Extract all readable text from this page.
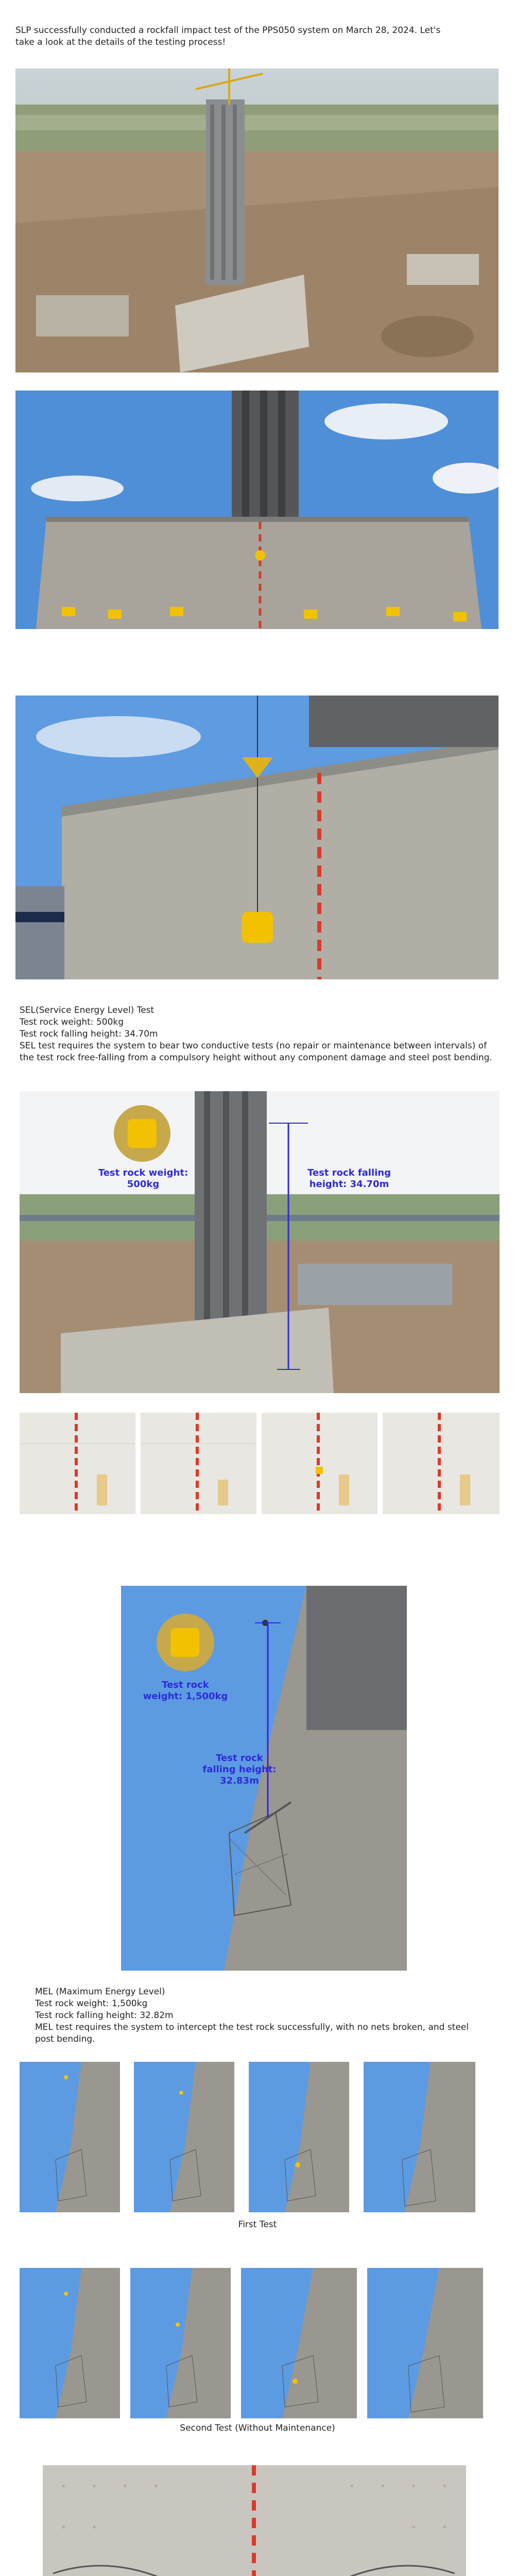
SLP successfully conducted a rockfall impact test of the PPS050 system on March 28, 2024. Let's take a look at the details of the testing process!

SEL(Service Energy Level) Test

Test rock weight: 500kg

Test rock falling height: 34.70m

SEL test requires the system to bear two conductive tests (no repair or maintenance between intervals) of the test rock free-falling from a compulsory height without any component damage and steel post bending.

Test rock weight: 500kg
Test rock falling height: 34.70m
Test rock weight: 1,500kg
Test rock falling height: 32.83m

MEL (Maximum Energy Level)

Test rock weight: 1,500kg

Test rock falling height: 32.82m

MEL test requires the system to intercept the test rock successfully, with no nets broken, and steel post bending.

First Test
Second Test (Without Maintenance)
